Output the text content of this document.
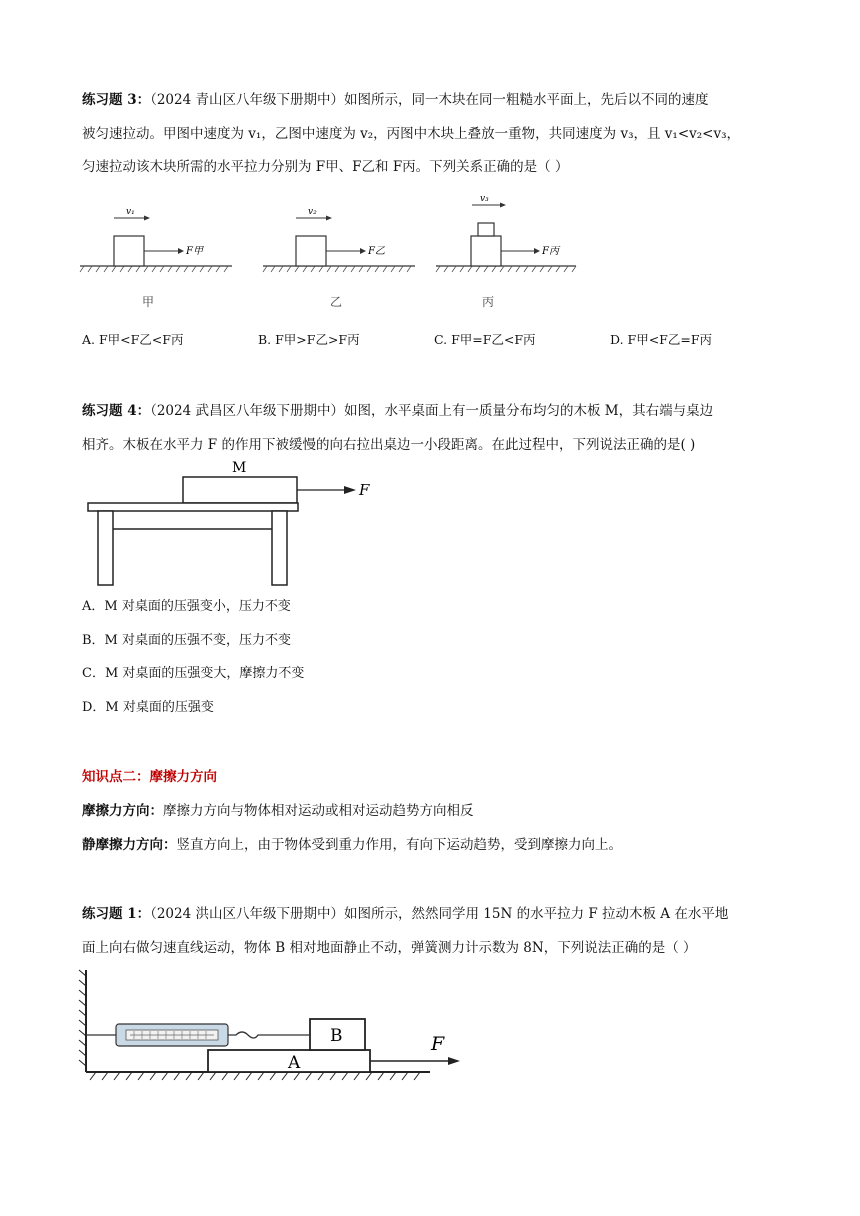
练习题 3：（2024 青山区八年级下册期中）如图所示，同一木块在同一粗糙水平面上，先后以不同的速度
被匀速拉动。甲图中速度为 v₁，乙图中速度为 v₂，丙图中木块上叠放一重物，共同速度为 v₃，且 v₁<v₂<v₃，
匀速拉动该木块所需的水平拉力分别为 F甲、F乙和 F丙。下列关系正确的是（ ）
v₁
F甲
甲
v₂
F乙
乙
v₃
F丙
丙
A. F甲<F乙<F丙	B. F甲>F乙>F丙	C. F甲=F乙<F丙	D. F甲<F乙=F丙
练习题 4：（2024 武昌区八年级下册期中）如图，水平桌面上有一质量分布均匀的木板 M，其右端与桌边
相齐。木板在水平力 F 的作用下被缓慢的向右拉出桌边一小段距离。在此过程中，下列说法正确的是( )
M
F
A．M 对桌面的压强变小，压力不变
B．M 对桌面的压强不变，压力不变
C．M 对桌面的压强变大，摩擦力不变
D．M 对桌面的压强变
知识点二：摩擦力方向
摩擦力方向：摩擦力方向与物体相对运动或相对运动趋势方向相反
静摩擦力方向：竖直方向上，由于物体受到重力作用，有向下运动趋势，受到摩擦力向上。
练习题 1：（2024 洪山区八年级下册期中）如图所示，然然同学用 15N 的水平拉力 F 拉动木板 A 在水平地
面上向右做匀速直线运动，物体 B 相对地面静止不动，弹簧测力计示数为 8N，下列说法正确的是（ ）
A
B	F
